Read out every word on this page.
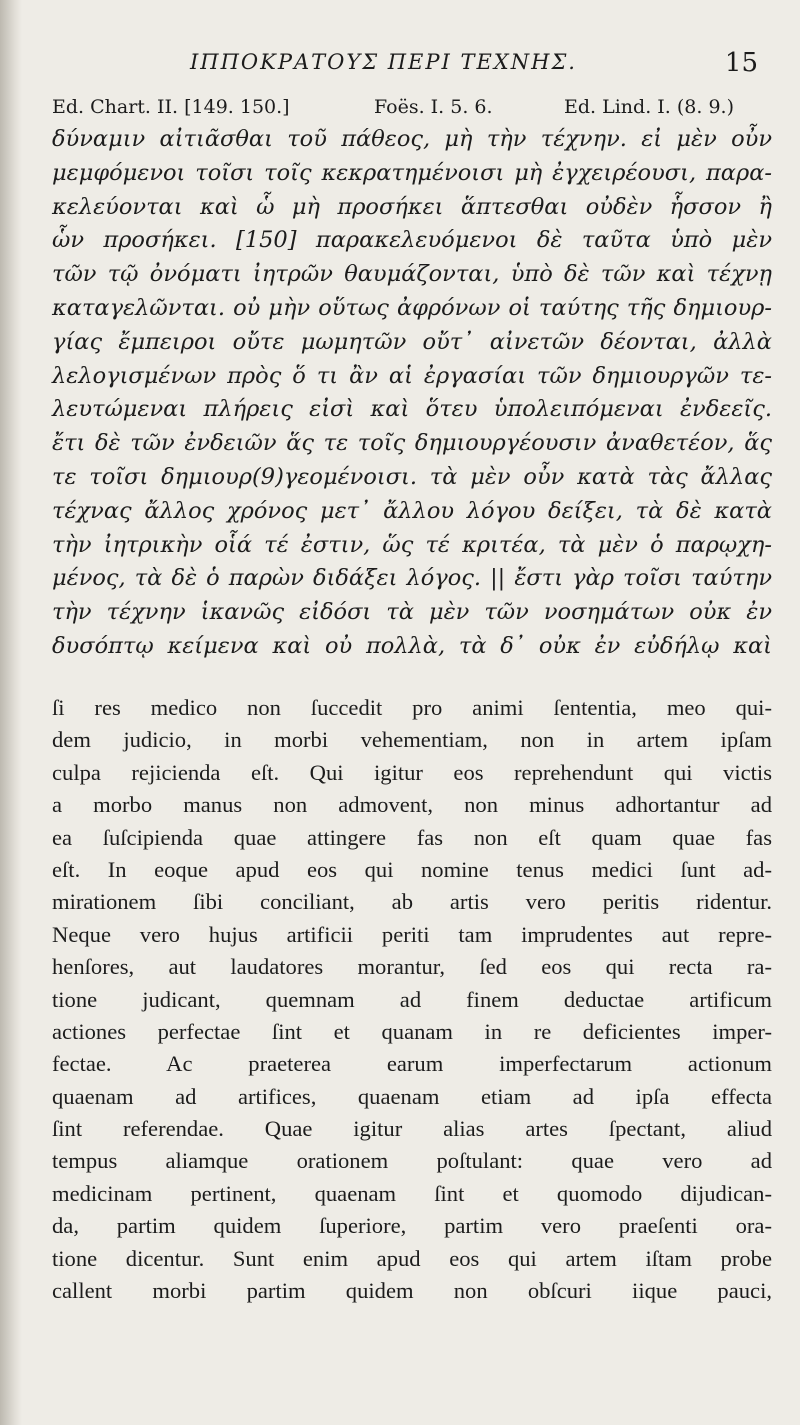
ΙΠΠΟΚΡΑΤΟΥΣ ΠΕΡΙ ΤΕΧΝΗΣ.	15
Ed. Chart. II. [149. 150.]	Foës. I. 5. 6.	Ed. Lind. I. (8. 9.)
δύναμιν αἰτιᾶσθαι τοῦ πάθεος, μὴ τὴν τέχνην. εἰ μὲν οὖν
μεμφόμενοι τοῖσι τοῖς κεκρατημένοισι μὴ ἐγχειρέουσι, παρα-
κελεύονται καὶ ὧ μὴ προσήκει ἅπτεσθαι οὐδὲν ἧσσον ἢ
ὧν προσήκει. [150] παρακελευόμενοι δὲ ταῦτα ὑπὸ μὲν
τῶν τῷ ὀνόματι ἰητρῶν θαυμάζονται, ὑπὸ δὲ τῶν καὶ τέχνῃ
καταγελῶνται. οὐ μὴν οὕτως ἀφρόνων οἱ ταύτης τῆς δημιουρ-
γίας ἔμπειροι οὔτε μωμητῶν οὔτ᾽ αἰνετῶν δέονται, ἀλλὰ
λελογισμένων πρὸς ὅ τι ἂν αἱ ἐργασίαι τῶν δημιουργῶν τε-
λευτώμεναι πλήρεις εἰσὶ καὶ ὅτευ ὑπολειπόμεναι ἐνδεεῖς.
ἔτι δὲ τῶν ἐνδειῶν ἅς τε τοῖς δημιουργέουσιν ἀναθετέον, ἅς
τε τοῖσι δημιουρ(9)γεομένοισι. τὰ μὲν οὖν κατὰ τὰς ἄλλας
τέχνας ἄλλος χρόνος μετ᾽ ἄλλου λόγου δείξει, τὰ δὲ κατὰ
τὴν ἰητρικὴν οἷά τέ ἐστιν, ὥς τέ κριτέα, τὰ μὲν ὁ παρῳχη-
μένος, τὰ δὲ ὁ παρὼν διδάξει λόγος. || ἔστι γὰρ τοῖσι ταύτην
τὴν τέχνην ἱκανῶς εἰδόσι τὰ μὲν τῶν νοσημάτων οὐκ ἐν
δυσόπτῳ κείμενα καὶ οὐ πολλὰ, τὰ δ᾽ οὐκ ἐν εὐδήλῳ καὶ
ſi res medico non ſuccedit pro animi ſententia, meo qui-
dem judicio, in morbi vehementiam, non in artem ipſam
culpa rejicienda eſt. Qui igitur eos reprehendunt qui victis
a morbo manus non admovent, non minus adhortantur ad
ea ſuſcipienda quae attingere fas non eſt quam quae fas
eſt. In eoque apud eos qui nomine tenus medici ſunt ad-
mirationem ſibi conciliant, ab artis vero peritis ridentur.
Neque vero hujus artificii periti tam imprudentes aut repre-
henſores, aut laudatores morantur, ſed eos qui recta ra-
tione judicant, quemnam ad finem deductae artificum
actiones perfectae ſint et quanam in re deficientes imper-
fectae. Ac praeterea earum imperfectarum actionum
quaenam ad artifices, quaenam etiam ad ipſa effecta
ſint referendae. Quae igitur alias artes ſpectant, aliud
tempus aliamque orationem poſtulant: quae vero ad
medicinam pertinent, quaenam ſint et quomodo dijudican-
da, partim quidem ſuperiore, partim vero praeſenti ora-
tione dicentur. Sunt enim apud eos qui artem iſtam probe
callent morbi partim quidem non obſcuri iique pauci,
